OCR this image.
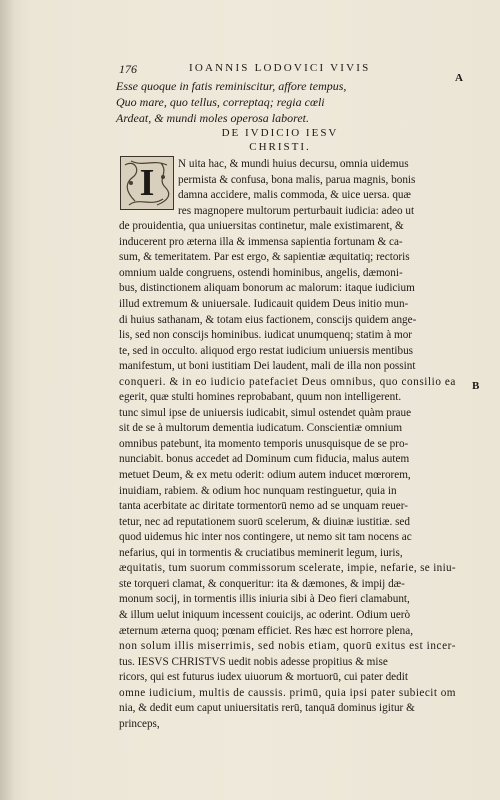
176	IOANNIS LODOVICI VIVIS
A
B
Esse quoque in fatis reminiscitur, affore tempus,
Quo mare, quo tellus, correptaq; regia cœli
Ardeat, & mundi moles operosa laboret.
DE IVDICIO IESV
CHRISTI.
I	N uita hac, & mundi huius decursu, omnia uidemus
permista & confusa, bona malis, parua magnis, bonis
damna accidere, malis commoda, & uice uersa. quæ
res magnopere multorum perturbauit iudicia: adeo ut
de prouidentia, qua uniuersitas continetur, male existimarent, &
inducerent pro æterna illa & immensa sapientia fortunam & ca-
sum, & temeritatem. Par est ergo, & sapientiæ æquitatiq; rectoris
omnium ualde congruens, ostendi hominibus, angelis, dæmoni-
bus, distinctionem aliquam bonorum ac malorum: itaque iudicium
illud extremum & uniuersale. Iudicauit quidem Deus initio mun-
di huius sathanam, & totam eius factionem, conscijs quidem ange-
lis, sed non conscijs hominibus. iudicat unumquenq; statim à mor
te, sed in occulto. aliquod ergo restat iudicium uniuersis mentibus
manifestum, ut boni iustitiam Dei laudent, mali de illa non possint
conqueri. & in eo iudicio patefaciet Deus omnibus, quo consilio ea
egerit, quæ stulti homines reprobabant, quum non intelligerent.
tunc simul ipse de uniuersis iudicabit, simul ostendet quàm praue
sit de se à multorum dementia iudicatum. Conscientiæ omnium
omnibus patebunt, ita momento temporis unusquisque de se pro-
nunciabit. bonus accedet ad Dominum cum fiducia, malus autem
metuet Deum, & ex metu oderit: odium autem inducet mœrorem,
inuidiam, rabiem. & odium hoc nunquam restinguetur, quia in
tanta acerbitate ac diritate tormentorū nemo ad se unquam reuer-
tetur, nec ad reputationem suorū scelerum, & diuinæ iustitiæ. sed
quod uidemus hic inter nos contingere, ut nemo sit tam nocens ac
nefarius, qui in tormentis & cruciatibus meminerit legum, iuris,
æquitatis, tum suorum commissorum scelerate, impie, nefarie, se iniu-
ste torqueri clamat, & conqueritur: ita & dæmones, & impij dæ-
monum socij, in tormentis illis iniuria sibi à Deo fieri clamabunt,
& illum uelut iniquum incessent couicijs, ac oderint. Odium uerò
æternum æterna quoq; pœnam efficiet. Res hæc est horrore plena,
non solum illis miserrimis, sed nobis etiam, quorū exitus est incer-
tus. IESVS CHRISTVS uedit nobis adesse propitius & mise
ricors, qui est futurus iudex uiuorum & mortuorū, cui pater dedit
omne iudicium, multis de caussis. primū, quia ipsi pater subiecit om
nia, & dedit eum caput uniuersitatis rerū, tanquā dominus igitur &
princeps,
